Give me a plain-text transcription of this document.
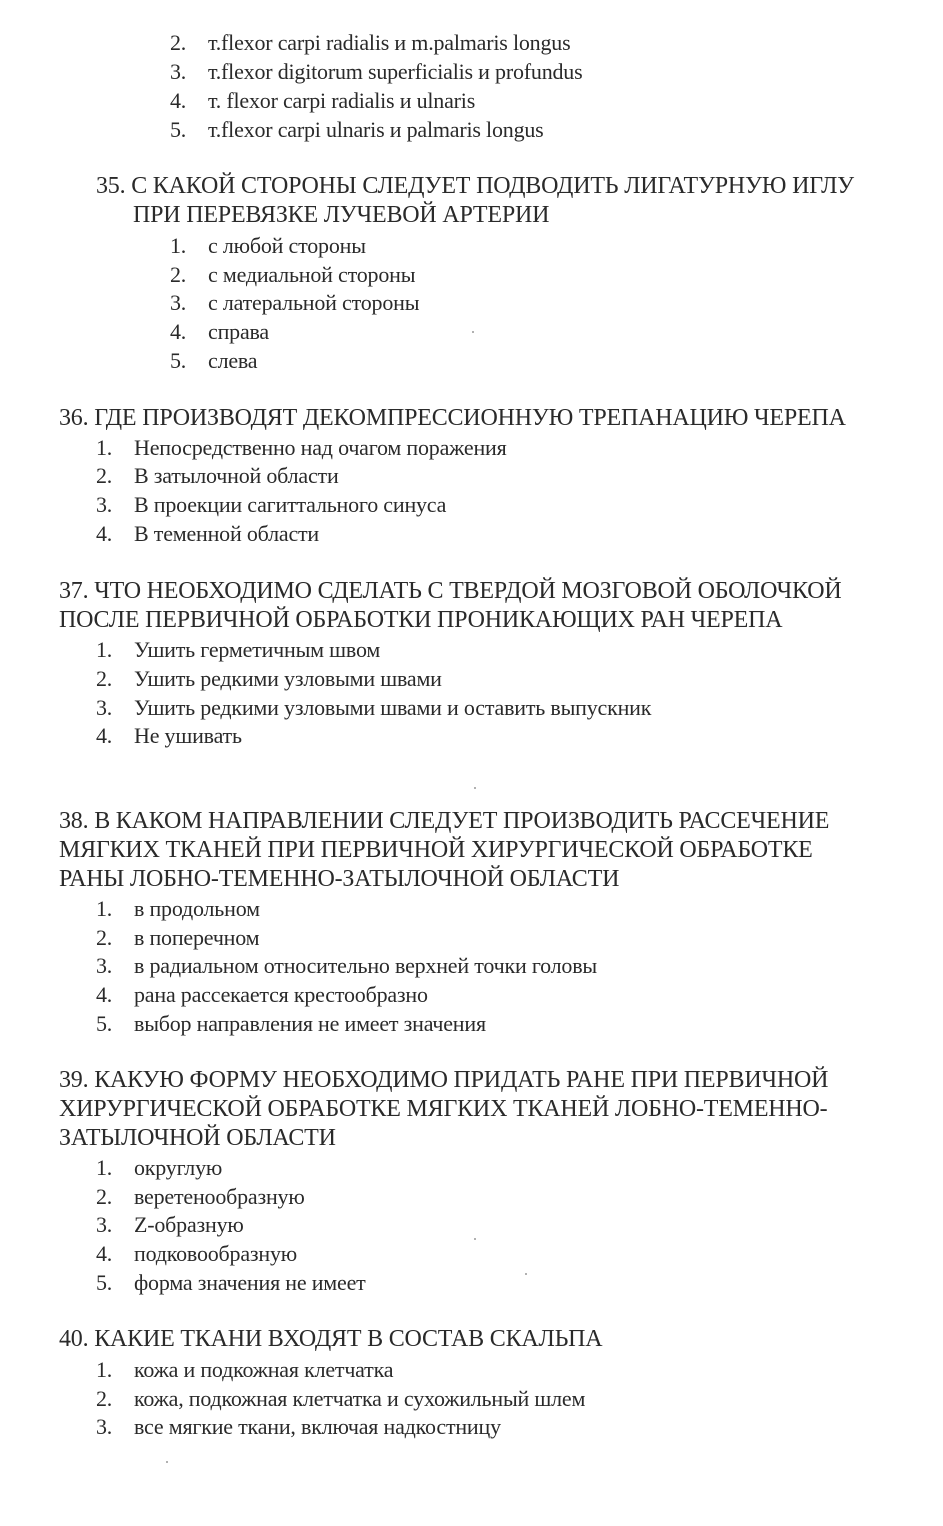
2. т.flexor carpi radialis и m.palmaris longus
3. т.flexor digitorum superficialis и profundus
4. т. flexor carpi radialis и ulnaris
5. т.flexor carpi ulnaris и palmaris longus
35. С КАКОЙ СТОРОНЫ СЛЕДУЕТ ПОДВОДИТЬ ЛИГАТУРНУЮ ИГЛУ
ПРИ ПЕРЕВЯЗКЕ ЛУЧЕВОЙ АРТЕРИИ
1. с любой стороны
2. с медиальной стороны
3. с латеральной стороны
4. справа
5. слева
36. ГДЕ ПРОИЗВОДЯТ ДЕКОМПРЕССИОННУЮ ТРЕПАНАЦИЮ ЧЕРЕПА
1. Непосредственно над очагом поражения
2. В затылочной области
3. В проекции сагиттального синуса
4. В теменной области
37. ЧТО НЕОБХОДИМО СДЕЛАТЬ С ТВЕРДОЙ МОЗГОВОЙ ОБОЛОЧКОЙ
ПОСЛЕ ПЕРВИЧНОЙ ОБРАБОТКИ ПРОНИКАЮЩИХ РАН ЧЕРЕПА
1. Ушить герметичным швом
2. Ушить редкими узловыми швами
3. Ушить редкими узловыми швами и оставить выпускник
4. Не ушивать
38. В КАКОМ НАПРАВЛЕНИИ СЛЕДУЕТ ПРОИЗВОДИТЬ РАССЕЧЕНИЕ
МЯГКИХ ТКАНЕЙ ПРИ ПЕРВИЧНОЙ ХИРУРГИЧЕСКОЙ ОБРАБОТКЕ
РАНЫ ЛОБНО-ТЕМЕННО-ЗАТЫЛОЧНОЙ ОБЛАСТИ
1. в продольном
2. в поперечном
3. в радиальном относительно верхней точки головы
4. рана рассекается крестообразно
5. выбор направления не имеет значения
39. КАКУЮ ФОРМУ НЕОБХОДИМО ПРИДАТЬ РАНЕ ПРИ ПЕРВИЧНОЙ
ХИРУРГИЧЕСКОЙ ОБРАБОТКЕ МЯГКИХ ТКАНЕЙ ЛОБНО-ТЕМЕННО-
ЗАТЫЛОЧНОЙ ОБЛАСТИ
1. округлую
2. веретенообразную
3. Z-образную
4. подковообразную
5. форма значения не имеет
40. КАКИЕ ТКАНИ ВХОДЯТ В СОСТАВ СКАЛЬПА
1. кожа и подкожная клетчатка
2. кожа, подкожная клетчатка и сухожильный шлем
3. все мягкие ткани, включая надкостницу
